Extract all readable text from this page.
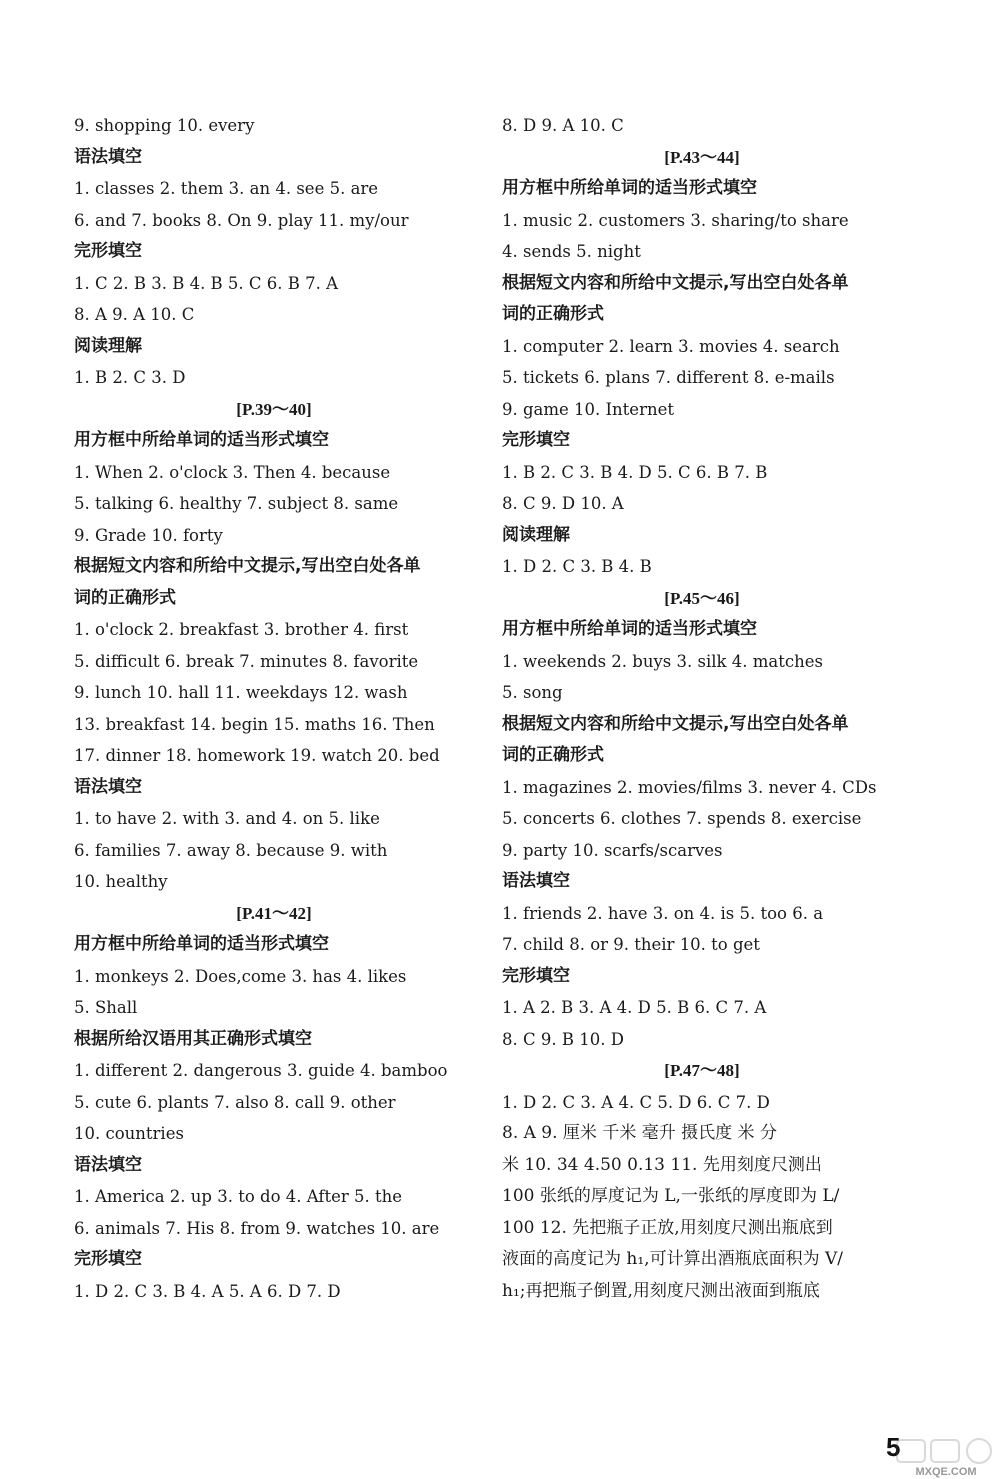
9. shopping 10. every
语法填空
1. classes 2. them 3. an 4. see 5. are
6. and 7. books 8. On 9. play 11. my/our
完形填空
1. C 2. B 3. B 4. B 5. C 6. B 7. A
8. A 9. A 10. C
阅读理解
1. B 2. C 3. D
[P.39～40]
用方框中所给单词的适当形式填空
1. When 2. o'clock 3. Then 4. because
5. talking 6. healthy 7. subject 8. same
9. Grade 10. forty
根据短文内容和所给中文提示,写出空白处各单
词的正确形式
1. o'clock 2. breakfast 3. brother 4. first
5. difficult 6. break 7. minutes 8. favorite
9. lunch 10. hall 11. weekdays 12. wash
13. breakfast 14. begin 15. maths 16. Then
17. dinner 18. homework 19. watch 20. bed
语法填空
1. to have 2. with 3. and 4. on 5. like
6. families 7. away 8. because 9. with
10. healthy
[P.41～42]
用方框中所给单词的适当形式填空
1. monkeys 2. Does,come 3. has 4. likes
5. Shall
根据所给汉语用其正确形式填空
1. different 2. dangerous 3. guide 4. bamboo
5. cute 6. plants 7. also 8. call 9. other
10. countries
语法填空
1. America 2. up 3. to do 4. After 5. the
6. animals 7. His 8. from 9. watches 10. are
完形填空
1. D 2. C 3. B 4. A 5. A 6. D 7. D
8. D 9. A 10. C
[P.43～44]
用方框中所给单词的适当形式填空
1. music 2. customers 3. sharing/to share
4. sends 5. night
根据短文内容和所给中文提示,写出空白处各单
词的正确形式
1. computer 2. learn 3. movies 4. search
5. tickets 6. plans 7. different 8. e-mails
9. game 10. Internet
完形填空
1. B 2. C 3. B 4. D 5. C 6. B 7. B
8. C 9. D 10. A
阅读理解
1. D 2. C 3. B 4. B
[P.45～46]
用方框中所给单词的适当形式填空
1. weekends 2. buys 3. silk 4. matches
5. song
根据短文内容和所给中文提示,写出空白处各单
词的正确形式
1. magazines 2. movies/films 3. never 4. CDs
5. concerts 6. clothes 7. spends 8. exercise
9. party 10. scarfs/scarves
语法填空
1. friends 2. have 3. on 4. is 5. too 6. a
7. child 8. or 9. their 10. to get
完形填空
1. A 2. B 3. A 4. D 5. B 6. C 7. A
8. C 9. B 10. D
[P.47～48]
1. D 2. C 3. A 4. C 5. D 6. C 7. D
8. A 9. 厘米 千米 毫升 摄氏度 米 分
米 10. 34 4.50 0.13 11. 先用刻度尺测出
100 张纸的厚度记为 L,一张纸的厚度即为 L/
100 12. 先把瓶子正放,用刻度尺测出瓶底到
液面的高度记为 h₁,可计算出酒瓶底面积为 V/
h₁;再把瓶子倒置,用刻度尺测出液面到瓶底
5
MXQE.COM
